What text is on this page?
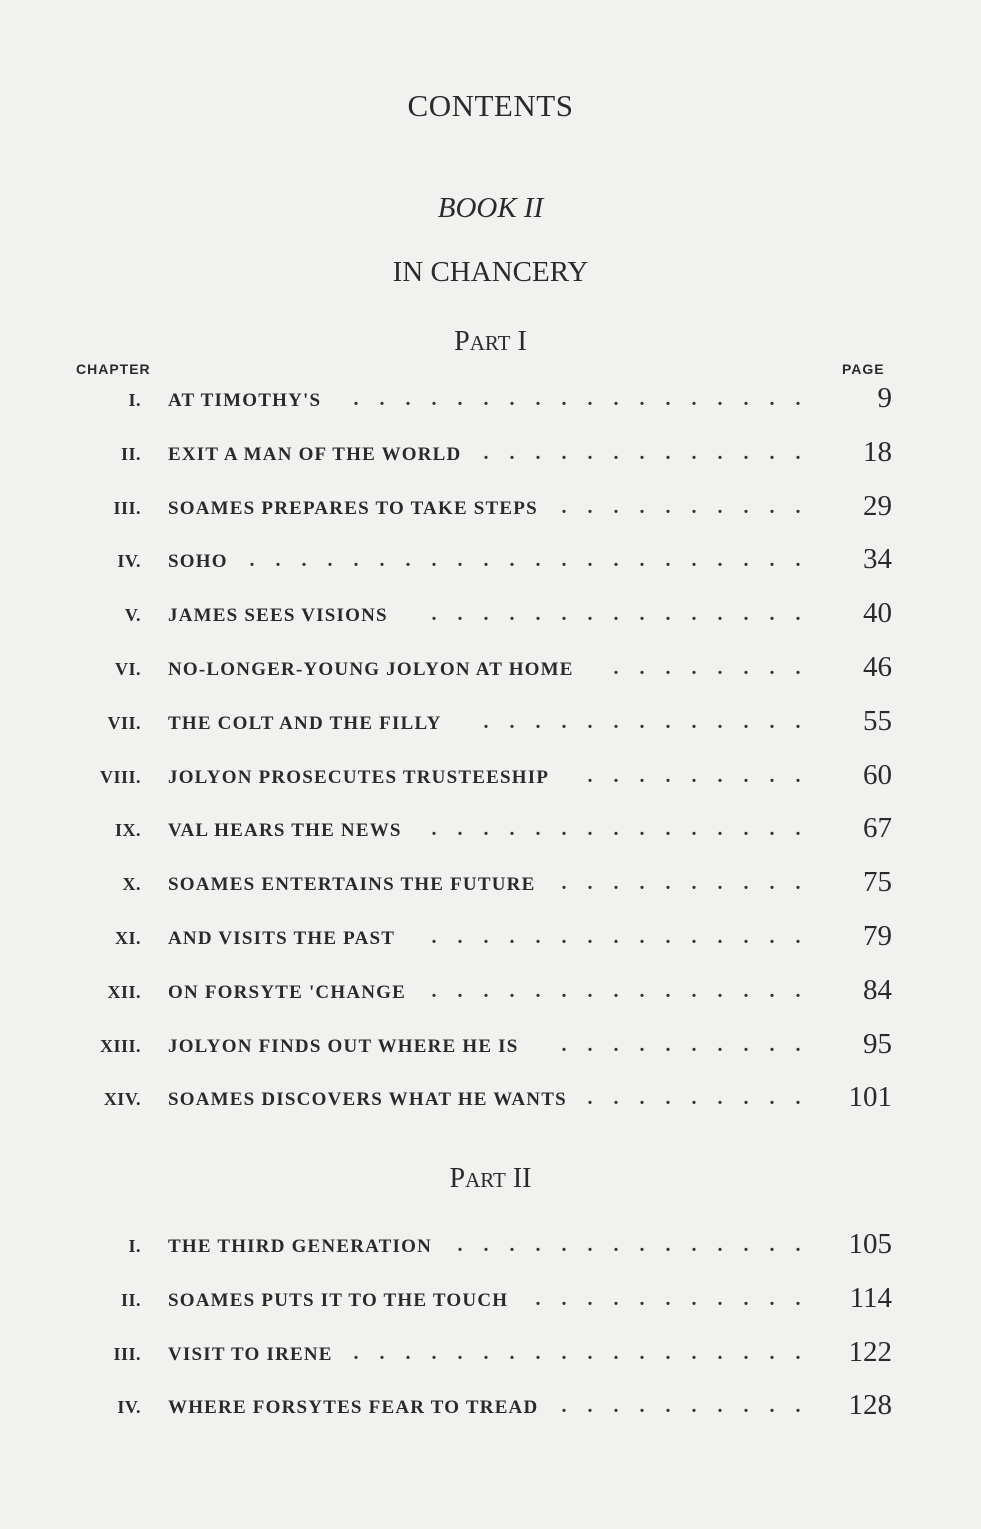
CONTENTS
BOOK II
IN CHANCERY
PART I
CHAPTER	PAGE
I. AT TIMOTHY'S	. . . . . . . . . . . . . . . . . .	9
II. EXIT A MAN OF THE WORLD	. . . . . . . . . . . . .	18
III. SOAMES PREPARES TO TAKE STEPS	. . . . . . . . . .	29
IV. SOHO	. . . . . . . . . . . . . . . . . . . . . .	34
V. JAMES SEES VISIONS	. . . . . . . . . . . . . . .	40
VI. NO-LONGER-YOUNG JOLYON AT HOME	. . . . . . . .	46
VII. THE COLT AND THE FILLY	. . . . . . . . . . . . .	55
VIII. JOLYON PROSECUTES TRUSTEESHIP	. . . . . . . . .	60
IX. VAL HEARS THE NEWS	. . . . . . . . . . . . . . .	67
X. SOAMES ENTERTAINS THE FUTURE	. . . . . . . . . .	75
XI. AND VISITS THE PAST	. . . . . . . . . . . . . . .	79
XII. ON FORSYTE 'CHANGE	. . . . . . . . . . . . . . .	84
XIII. JOLYON FINDS OUT WHERE HE IS	. . . . . . . . . .	95
XIV. SOAMES DISCOVERS WHAT HE WANTS	. . . . . . . . .	101
PART II
I. THE THIRD GENERATION	. . . . . . . . . . . . . .	105
II. SOAMES PUTS IT TO THE TOUCH	. . . . . . . . . . .	114
III. VISIT TO IRENE	. . . . . . . . . . . . . . . . . .	122
IV. WHERE FORSYTES FEAR TO TREAD	. . . . . . . . . .	128
